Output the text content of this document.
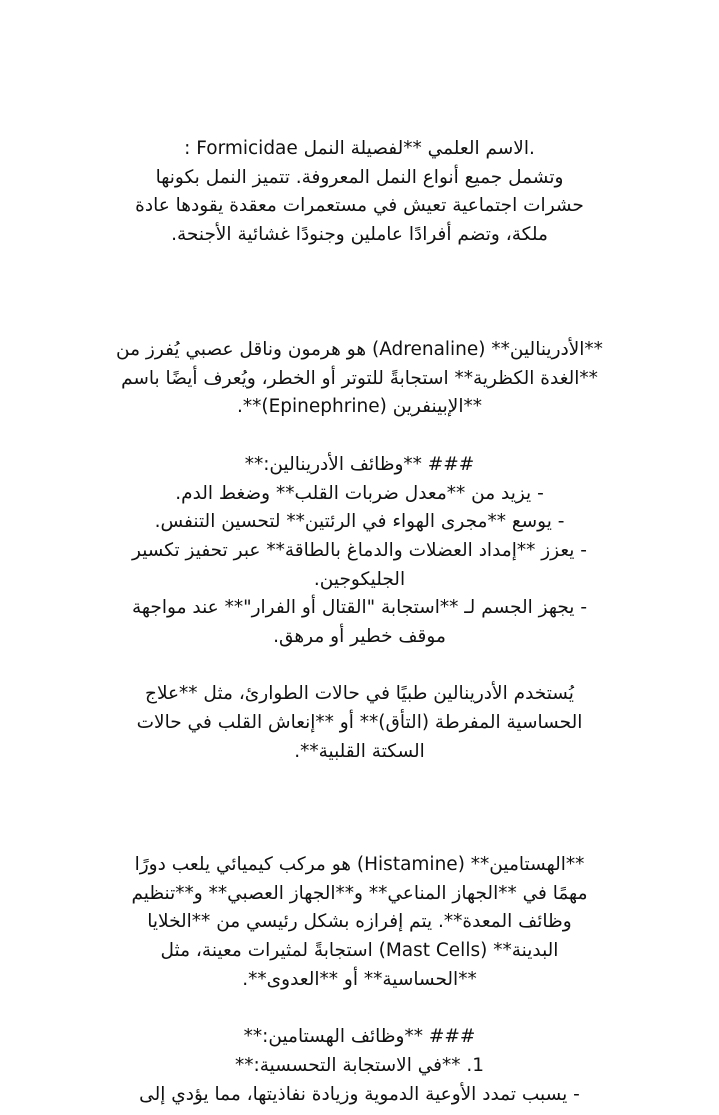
.الاسم العلمي **لفصيلة النمل Formicidae :
وتشمل جميع أنواع النمل المعروفة. تتميز النمل بكونها
حشرات اجتماعية تعيش في مستعمرات معقدة يقودها عادة
ملكة، وتضم أفرادًا عاملين وجنودًا غشائية الأجنحة.
**الأدرينالين** (Adrenaline) هو هرمون وناقل عصبي يُفرز من
**الغدة الكظرية** استجابةً للتوتر أو الخطر، ويُعرف أيضًا باسم
**الإبينفرين (Epinephrine)**.
### **وظائف الأدرينالين:**
- يزيد من **معدل ضربات القلب** وضغط الدم.
- يوسع **مجرى الهواء في الرئتين** لتحسين التنفس.
- يعزز **إمداد العضلات والدماغ بالطاقة** عبر تحفيز تكسير
الجليكوجين.
- يجهز الجسم لـ **استجابة "القتال أو الفرار"** عند مواجهة
موقف خطير أو مرهق.
يُستخدم الأدرينالين طبيًا في حالات الطوارئ، مثل **علاج
الحساسية المفرطة (التأق)** أو **إنعاش القلب في حالات
السكتة القلبية**.
**الهستامين** (Histamine) هو مركب كيميائي يلعب دورًا
مهمًا في **الجهاز المناعي** و**الجهاز العصبي** و**تنظيم
وظائف المعدة**. يتم إفرازه بشكل رئيسي من **الخلايا
البدينة** (Mast Cells) استجابةً لمثيرات معينة، مثل
**الحساسية** أو **العدوى**.
### **وظائف الهستامين:**
1. **في الاستجابة التحسسية:**
- يسبب تمدد الأوعية الدموية وزيادة نفاذيتها، مما يؤدي إلى
